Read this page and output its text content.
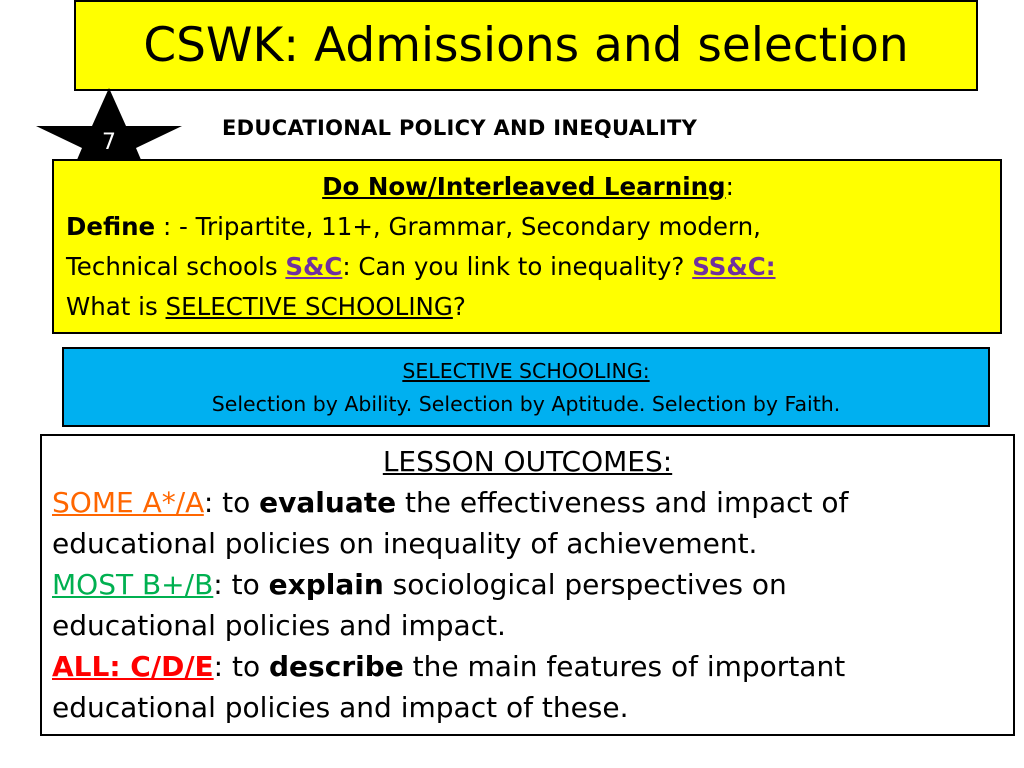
CSWK: Admissions and selection
7
EDUCATIONAL POLICY AND INEQUALITY
Do Now/Interleaved Learning:
Define : - Tripartite, 11+, Grammar, Secondary modern,
Technical schools S&C: Can you link to inequality? SS&C:
What is SELECTIVE SCHOOLING?
SELECTIVE SCHOOLING:
Selection by Ability. Selection by Aptitude. Selection by Faith.
LESSON OUTCOMES:
SOME A*/A: to evaluate the effectiveness and impact of
educational policies on inequality of achievement.
MOST B+/B: to explain sociological perspectives on
educational policies and impact.
ALL: C/D/E: to describe the main features of important
educational policies and impact of these.
